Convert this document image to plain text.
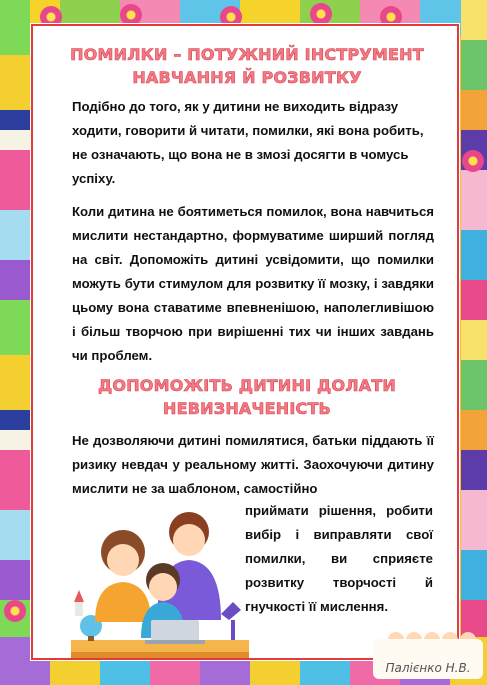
ПОМИЛКИ – ПОТУЖНИЙ ІНСТРУМЕНТ НАВЧАННЯ Й РОЗВИТКУ

Подібно до того, як у дитини не виходить відразу ходити, говорити й читати, помилки, які вона робить, не означають, що вона не в змозі досягти в чомусь успіху.

Коли дитина не боятиметься помилок, вона навчиться мислити нестандартно, формуватиме ширший погляд на світ. Допоможіть дитині усвідомити, що помилки можуть бути стимулом для розвитку її мозку, і завдяки цьому вона ставатиме впевненішою, наполегливішою і більш творчою при вирішенні тих чи інших завдань чи проблем.

ДОПОМОЖІТЬ ДИТИНІ ДОЛАТИ НЕВИЗНАЧЕНІСТЬ

Не дозволяючи дитині помилятися, батьки піддають її ризику невдач у реальному житті. Заохочуючи дитину мислити не за шаблоном, самостійно

приймати рішення, робити вибір і виправляти свої помилки, ви сприяєте розвитку творчості й гнучкості її мислення.

Палієнко Н.В.
